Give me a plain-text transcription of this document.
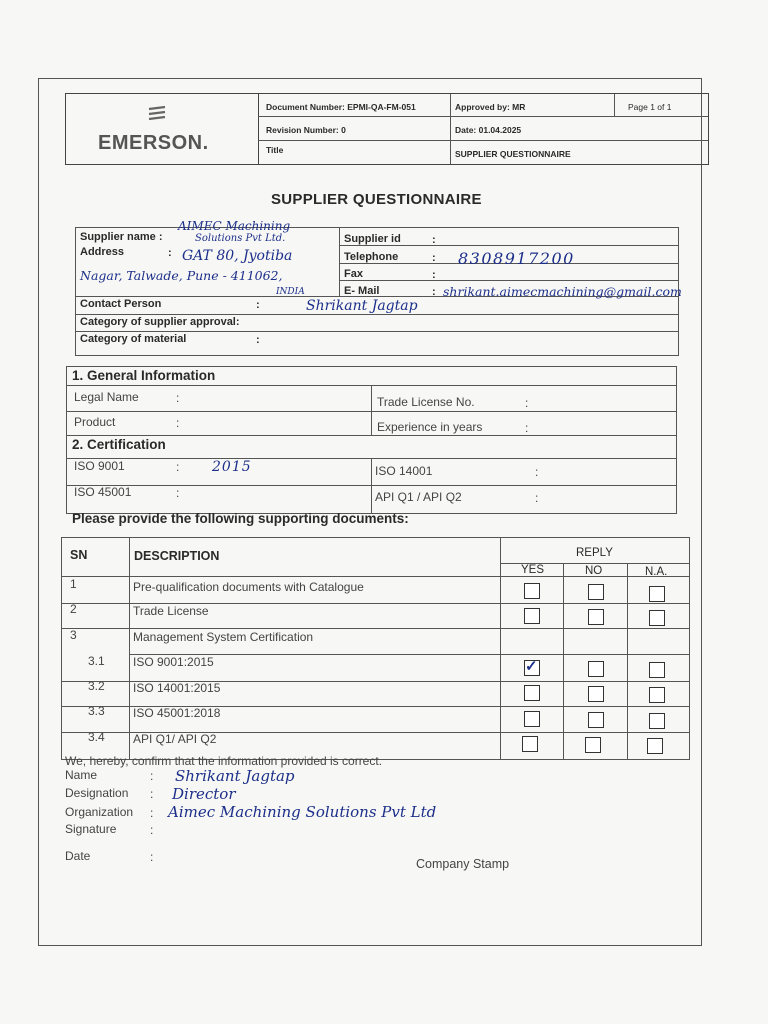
EMERSON.
Document Number: EPMI-QA-FM-051	Approved by: MR	Page 1 of 1
Revision Number: 0	Date: 01.04.2025
Title	SUPPLIER QUESTIONNAIRE
SUPPLIER QUESTIONNAIRE
Supplier name :
AIMEC Machining
Solutions Pvt Ltd.
Address	: GAT 80, Jyotiba
Nagar, Talwade, Pune - 411062,
INDIA
Supplier id	:
Telephone	: 8308917200
Fax	:
E- Mail	: shrikant.aimecmachining@gmail.com
Contact Person	:	Shrikant Jagtap
Category of supplier approval:
Category of material	:
1. General Information
Legal Name	:	Trade License No.	:
Product	:	Experience in years	:
2. Certification
ISO 9001	: 2015	ISO 14001	:
ISO 45001	:	API Q1 / API Q2	:
Please provide the following supporting documents:
SN	DESCRIPTION	REPLY
YES	NO	N.A.
1	Pre-qualification documents with Catalogue
2	Trade License
3	Management System Certification
3.1 ISO 9001:2015	✓
3.2 ISO 14001:2015
3.3 ISO 45001:2018
3.4 API Q1/ API Q2
We, hereby, confirm that the information provided is correct.
Name	: Shrikant Jagtap
Designation : Director
Organization : Aimec Machining Solutions Pvt Ltd
Signature	:
Date	:	Company Stamp
